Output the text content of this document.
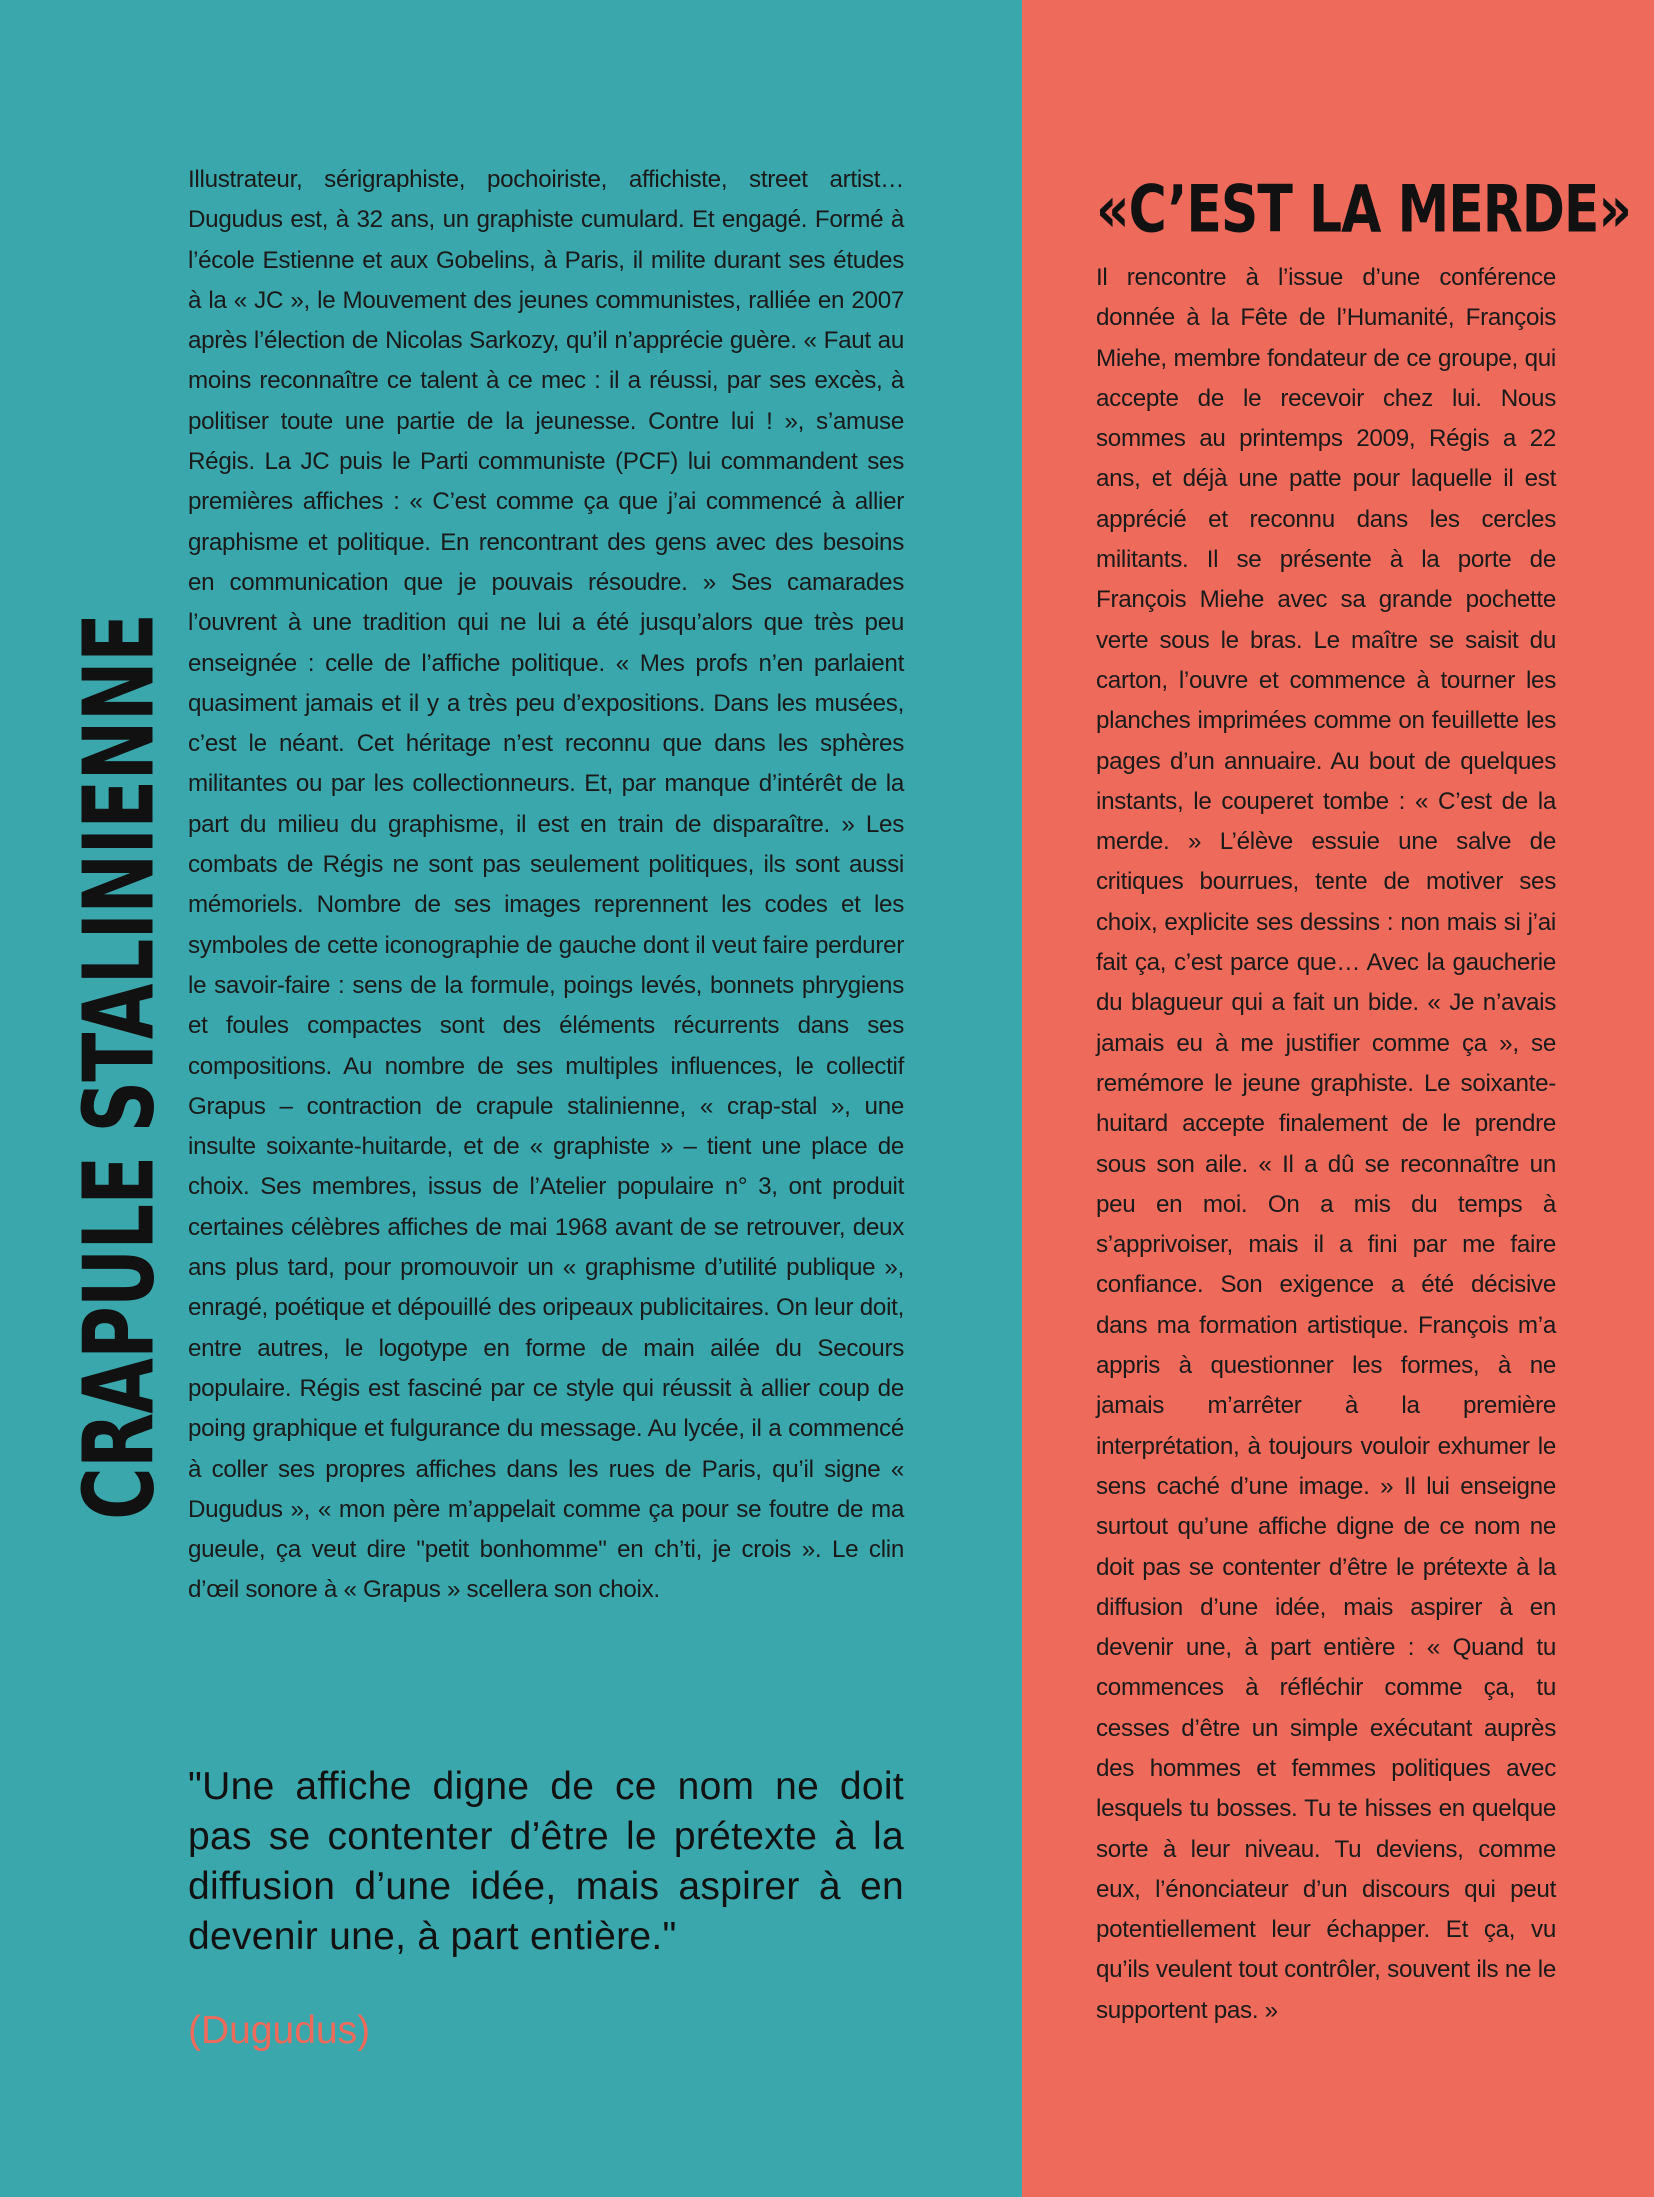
CRAPULE STALINIENNE

Illustrateur, sérigraphiste, pochoiriste, affichiste, street artist… Dugudus est, à 32 ans, un graphiste cumulard. Et engagé. Formé à l’école Estienne et aux Gobelins, à Paris, il milite durant ses études à la « JC », le Mouvement des jeunes communistes, ralliée en 2007 après l’élection de Nicolas Sarkozy, qu’il n’apprécie guère. « Faut au moins reconnaître ce talent à ce mec : il a réussi, par ses excès, à politiser toute une partie de la jeunesse. Contre lui ! », s’amuse Régis. La JC puis le Parti communiste (PCF) lui commandent ses premières affiches : « C’est comme ça que j’ai commencé à allier graphisme et politique. En rencontrant des gens avec des besoins en communication que je pouvais résoudre. » Ses camarades l’ouvrent à une tradition qui ne lui a été jusqu’alors que très peu enseignée : celle de l’affiche politique. « Mes profs n’en parlaient quasiment jamais et il y a très peu d’expositions. Dans les musées, c’est le néant. Cet héritage n’est reconnu que dans les sphères militantes ou par les collectionneurs. Et, par manque d’intérêt de la part du milieu du graphisme, il est en train de disparaître. » Les combats de Régis ne sont pas seulement politiques, ils sont aussi mémoriels. Nombre de ses images reprennent les codes et les symboles de cette iconographie de gauche dont il veut faire perdurer le savoir-faire : sens de la formule, poings levés, bonnets phrygiens et foules compactes sont des éléments récurrents dans ses compositions. Au nombre de ses multiples influences, le collectif Grapus – contraction de crapule stalinienne, « crap-stal », une insulte soixante-huitarde, et de « graphiste » – tient une place de choix. Ses membres, issus de l’Atelier populaire n° 3, ont produit certaines célèbres affiches de mai 1968 avant de se retrouver, deux ans plus tard, pour promouvoir un « graphisme d’utilité publique », enragé, poétique et dépouillé des oripeaux publicitaires. On leur doit, entre autres, le logotype en forme de main ailée du Secours populaire. Régis est fasciné par ce style qui réussit à allier coup de poing graphique et fulgurance du message. Au lycée, il a commencé à coller ses propres affiches dans les rues de Paris, qu’il signe « Dugudus », « mon père m’appelait comme ça pour se foutre de ma gueule, ça veut dire "petit bonhomme" en ch’ti, je crois ». Le clin d’œil sonore à « Grapus » scellera son choix.

"Une affiche digne de ce nom ne doit pas se contenter d’être le prétexte à la diffusion d’une idée, mais aspirer à en devenir une, à part entière."

(Dugudus)

«C’EST LA MERDE»

Il rencontre à l’issue d’une conférence donnée à la Fête de l’Humanité, François Miehe, membre fondateur de ce groupe, qui accepte de le recevoir chez lui. Nous sommes au printemps 2009, Régis a 22 ans, et déjà une patte pour laquelle il est apprécié et reconnu dans les cercles militants. Il se présente à la porte de François Miehe avec sa grande pochette verte sous le bras. Le maître se saisit du carton, l’ouvre et commence à tourner les planches imprimées comme on feuillette les pages d’un annuaire. Au bout de quelques instants, le couperet tombe : « C’est de la merde. » L’élève essuie une salve de critiques bourrues, tente de motiver ses choix, explicite ses dessins : non mais si j’ai fait ça, c’est parce que… Avec la gaucherie du blagueur qui a fait un bide. « Je n’avais jamais eu à me justifier comme ça », se remémore le jeune graphiste. Le soixante-huitard accepte finalement de le prendre sous son aile. « Il a dû se reconnaître un peu en moi. On a mis du temps à s’apprivoiser, mais il a fini par me faire confiance. Son exigence a été décisive dans ma formation artistique. François m’a appris à questionner les formes, à ne jamais m’arrêter à la première interprétation, à toujours vouloir exhumer le sens caché d’une image. » Il lui enseigne surtout qu’une affiche digne de ce nom ne doit pas se contenter d’être le prétexte à la diffusion d’une idée, mais aspirer à en devenir une, à part entière : « Quand tu commences à réfléchir comme ça, tu cesses d’être un simple exécutant auprès des hommes et femmes politiques avec lesquels tu bosses. Tu te hisses en quelque sorte à leur niveau. Tu deviens, comme eux, l’énonciateur d’un discours qui peut potentiellement leur échapper. Et ça, vu qu’ils veulent tout contrôler, souvent ils ne le supportent pas. »
